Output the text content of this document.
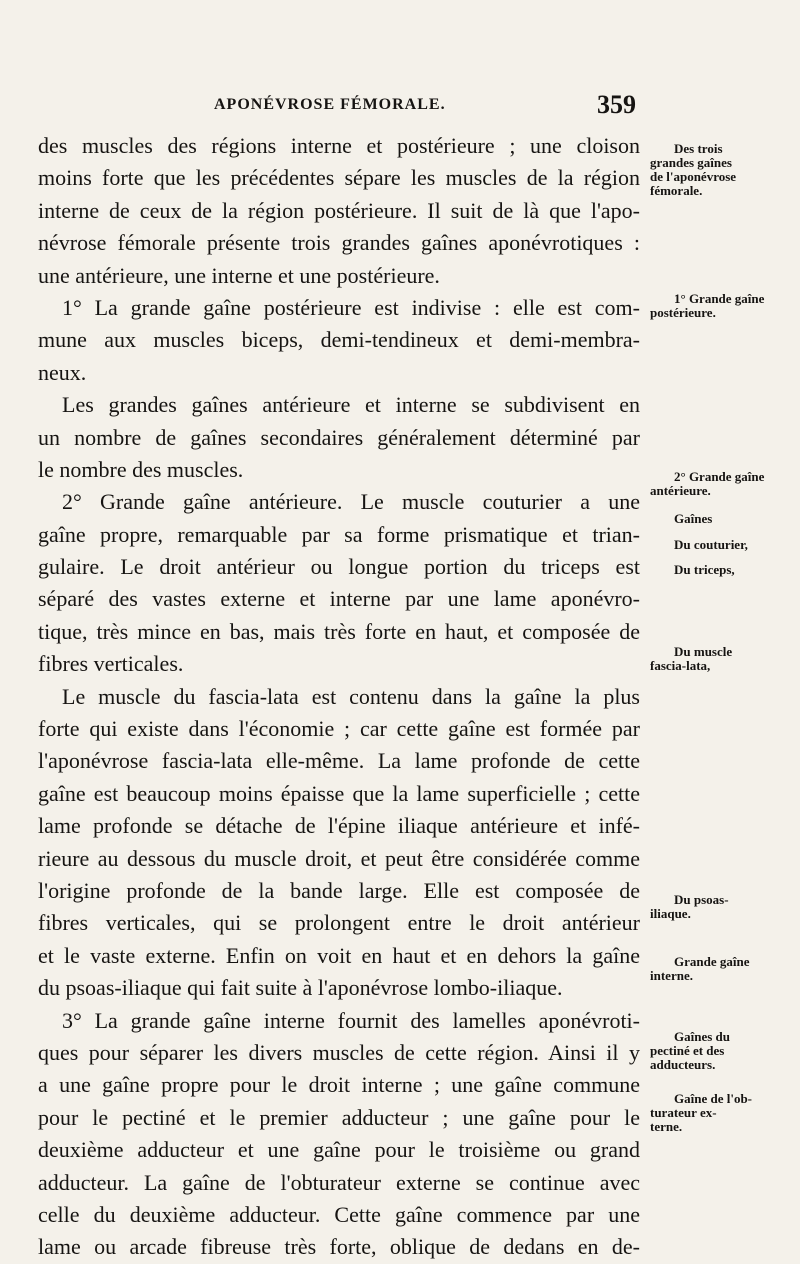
APONÉVROSE FÉMORALE.	359
des muscles des régions interne et postérieure ; une cloison
moins forte que les précédentes sépare les muscles de la région
interne de ceux de la région postérieure. Il suit de là que l'apo-
névrose fémorale présente trois grandes gaînes aponévrotiques :
une antérieure, une interne et une postérieure.
1° La grande gaîne postérieure est indivise : elle est com-
mune aux muscles biceps, demi-tendineux et demi-membra-
neux.
Les grandes gaînes antérieure et interne se subdivisent en
un nombre de gaînes secondaires généralement déterminé par
le nombre des muscles.
2° Grande gaîne antérieure. Le muscle couturier a une
gaîne propre, remarquable par sa forme prismatique et trian-
gulaire. Le droit antérieur ou longue portion du triceps est
séparé des vastes externe et interne par une lame aponévro-
tique, très mince en bas, mais très forte en haut, et composée de
fibres verticales.
Le muscle du fascia-lata est contenu dans la gaîne la plus
forte qui existe dans l'économie ; car cette gaîne est formée par
l'aponévrose fascia-lata elle-même. La lame profonde de cette
gaîne est beaucoup moins épaisse que la lame superficielle ; cette
lame profonde se détache de l'épine iliaque antérieure et infé-
rieure au dessous du muscle droit, et peut être considérée comme
l'origine profonde de la bande large. Elle est composée de
fibres verticales, qui se prolongent entre le droit antérieur
et le vaste externe. Enfin on voit en haut et en dehors la gaîne
du psoas-iliaque qui fait suite à l'aponévrose lombo-iliaque.
3° La grande gaîne interne fournit des lamelles aponévroti-
ques pour séparer les divers muscles de cette région. Ainsi il y
a une gaîne propre pour le droit interne ; une gaîne commune
pour le pectiné et le premier adducteur ; une gaîne pour le
deuxième adducteur et une gaîne pour le troisième ou grand
adducteur. La gaîne de l'obturateur externe se continue avec
celle du deuxième adducteur. Cette gaîne commence par une
lame ou arcade fibreuse très forte, oblique de dedans en de-
Des trois
grandes gaînes
de l'aponévrose
fémorale.
1° Grande gaîne
postérieure.
2° Grande gaîne
antérieure.
Gaînes
Du couturier,
Du triceps,
Du muscle
fascia-lata,
Du psoas-
iliaque.
Grande gaîne
interne.
Gaînes du
pectiné et des
adducteurs.
Gaîne de l'ob-
turateur ex-
terne.
